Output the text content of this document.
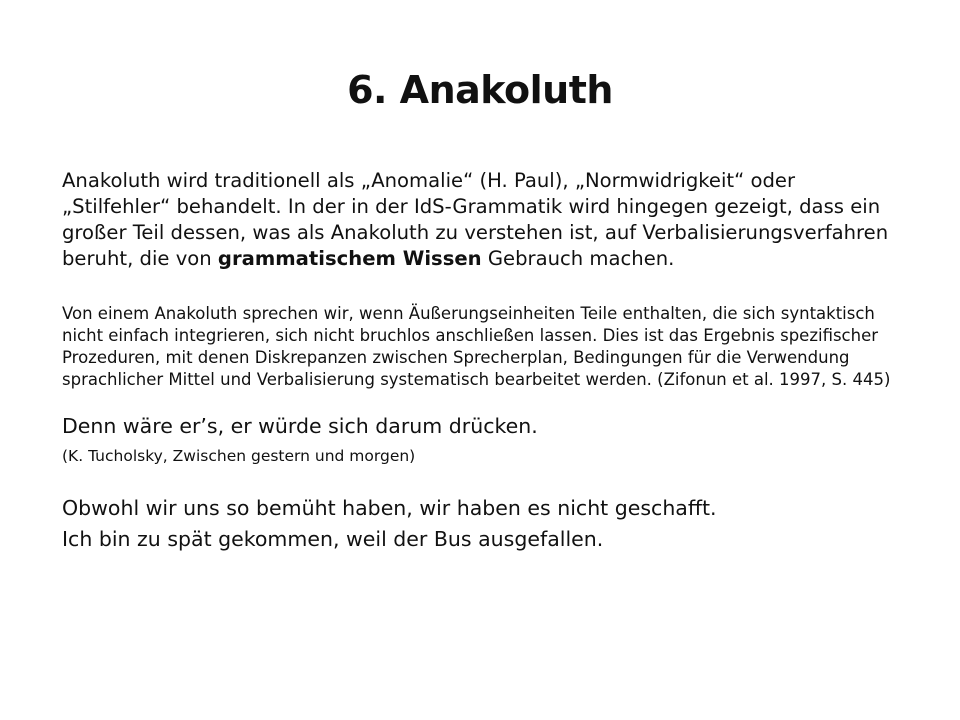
6. Anakoluth

Anakoluth wird traditionell als „Anomalie“ (H. Paul), „Normwidrigkeit“ oder „Stilfehler“ behandelt. In der in der IdS-Grammatik wird hingegen gezeigt, dass ein großer Teil dessen, was als Anakoluth zu verstehen ist, auf Verbalisierungsverfahren beruht, die von grammatischem Wissen Gebrauch machen.

Von einem Anakoluth sprechen wir, wenn Äußerungseinheiten Teile enthalten, die sich syntaktisch nicht einfach integrieren, sich nicht bruchlos anschließen lassen. Dies ist das Ergebnis spezifischer Prozeduren, mit denen Diskrepanzen zwischen Sprecherplan, Bedingungen für die Verwendung sprachlicher Mittel und Verbalisierung systematisch bearbeitet werden. (Zifonun et al. 1997, S. 445)

Denn wäre er’s, er würde sich darum drücken.

(K. Tucholsky, Zwischen gestern und morgen)

Obwohl wir uns so bemüht haben, wir haben es nicht geschafft.

Ich bin zu spät gekommen, weil der Bus ausgefallen.
